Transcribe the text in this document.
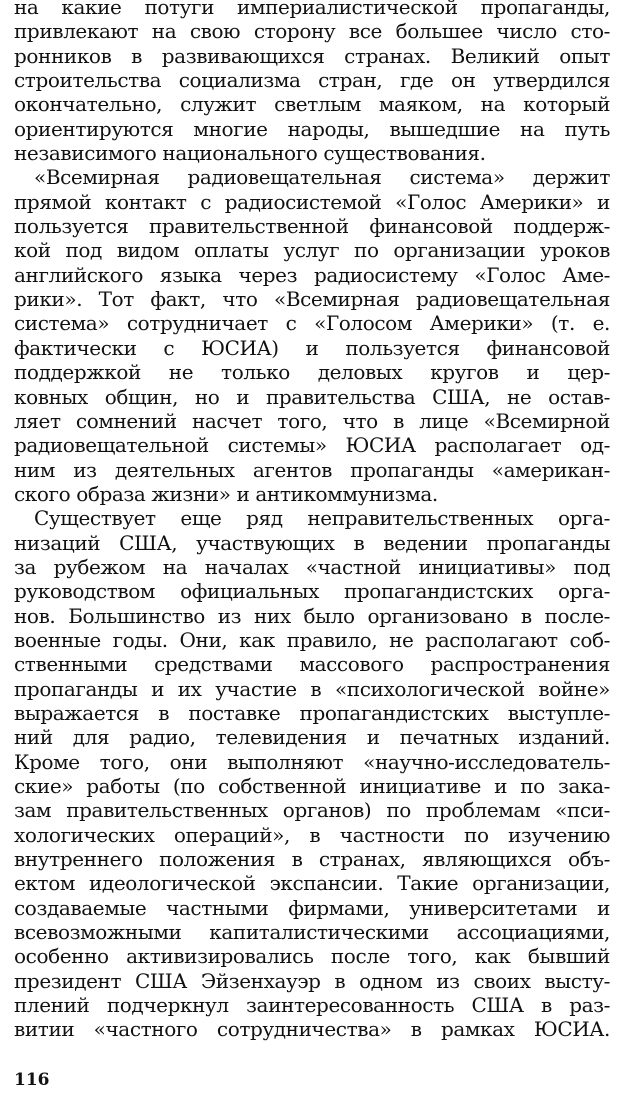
на какие потуги империалистической пропаганды,
привлекают на свою сторону все большее число сто-
ронников в развивающихся странах. Великий опыт
строительства социализма стран, где он утвердился
окончательно, служит светлым маяком, на который
ориентируются многие народы, вышедшие на путь
независимого национального существования.
«Всемирная радиовещательная система» держит
прямой контакт с радиосистемой «Голос Америки» и
пользуется правительственной финансовой поддерж-
кой под видом оплаты услуг по организации уроков
английского языка через радиосистему «Голос Аме-
рики». Тот факт, что «Всемирная радиовещательная
система» сотрудничает с «Голосом Америки» (т. е.
фактически с ЮСИА) и пользуется финансовой
поддержкой не только деловых кругов и цер-
ковных общин, но и правительства США, не остав-
ляет сомнений насчет того, что в лице «Всемирной
радиовещательной системы» ЮСИА располагает од-
ним из деятельных агентов пропаганды «американ-
ского образа жизни» и антикоммунизма.
Существует еще ряд неправительственных орга-
низаций США, участвующих в ведении пропаганды
за рубежом на началах «частной инициативы» под
руководством официальных пропагандистских орга-
нов. Большинство из них было организовано в после-
военные годы. Они, как правило, не располагают соб-
ственными средствами массового распространения
пропаганды и их участие в «психологической войне»
выражается в поставке пропагандистских выступле-
ний для радио, телевидения и печатных изданий.
Кроме того, они выполняют «научно-исследователь-
ские» работы (по собственной инициативе и по зака-
зам правительственных органов) по проблемам «пси-
хологических операций», в частности по изучению
внутреннего положения в странах, являющихся объ-
ектом идеологической экспансии. Такие организации,
создаваемые частными фирмами, университетами и
всевозможными капиталистическими ассоциациями,
особенно активизировались после того, как бывший
президент США Эйзенхауэр в одном из своих высту-
плений подчеркнул заинтересованность США в раз-
витии «частного сотрудничества» в рамках ЮСИА.
116
